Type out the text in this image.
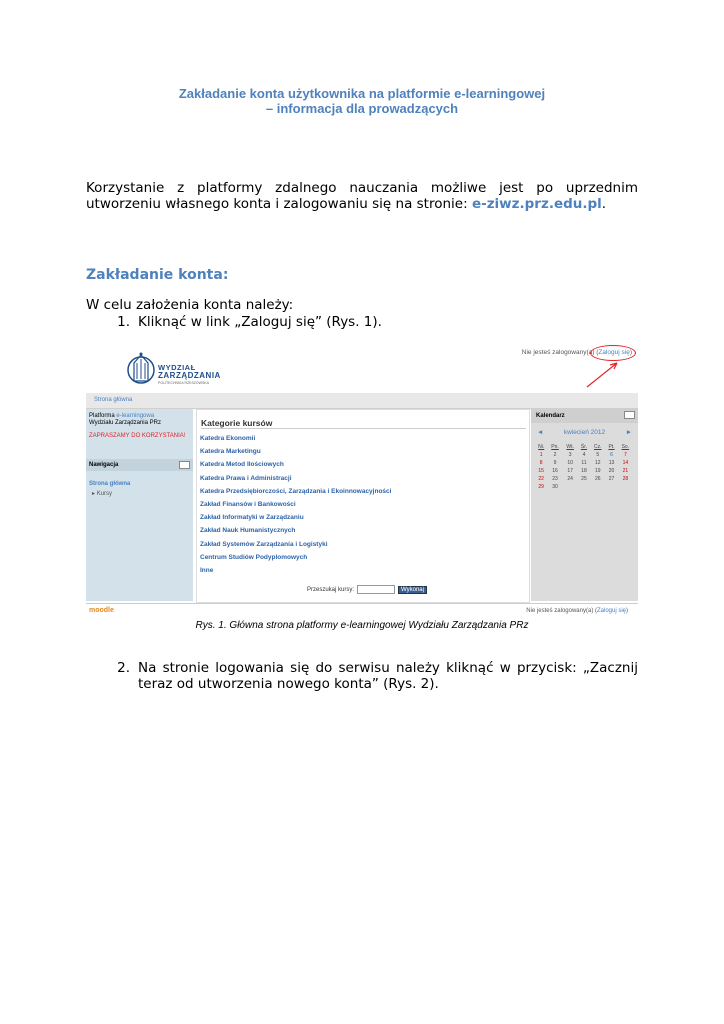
Zakładanie konta użytkownika na platformie e-learningowej
– informacja dla prowadzących
Korzystanie z platformy zdalnego nauczania możliwe jest po uprzednim utworzeniu własnego konta i zalogowaniu się na stronie: e-ziwz.prz.edu.pl.
Zakładanie konta:
W celu założenia konta należy:
1. Kliknąć w link „Zaloguj się” (Rys. 1).
WYDZIAŁ
ZARZĄDZANIA
POLITECHNIKA RZESZOWSKA
Nie jesteś zalogowany(a) (Zaloguj się)
Strona główna
Platforma e-learningowa
Wydziału Zarządzania PRz
ZAPRASZAMY DO KORZYSTANIA!
Nawigacja
Strona główna
▸ Kursy
Kategorie kursów
Katedra Ekonomii
Katedra Marketingu
Katedra Metod Ilościowych
Katedra Prawa i Administracji
Katedra Przedsiębiorczości, Zarządzania i Ekoinnowacyjności
Zakład Finansów i Bankowości
Zakład Informatyki w Zarządzaniu
Zakład Nauk Humanistycznych
Zakład Systemów Zarządzania i Logistyki
Centrum Studiów Podyplomowych
Inne
Przeszukaj kursy:	Wykonaj
Kalendarz
◄	kwiecień 2012	►
Ni.	Pn.	Wt.	Śr.	Cz.	Pt.	So.
1	2	3	4	5	6	7
8	9	10	11	12	13	14
15	16	17	18	19	20	21
22	23	24	25	26	27	28
29	30					
moodle	Nie jesteś zalogowany(a) (Zaloguj się)
Rys. 1. Główna strona platformy e-learningowej Wydziału Zarządzania PRz
2. Na stronie logowania się do serwisu należy kliknąć w przycisk: „Zacznij teraz od utworzenia nowego konta” (Rys. 2).
